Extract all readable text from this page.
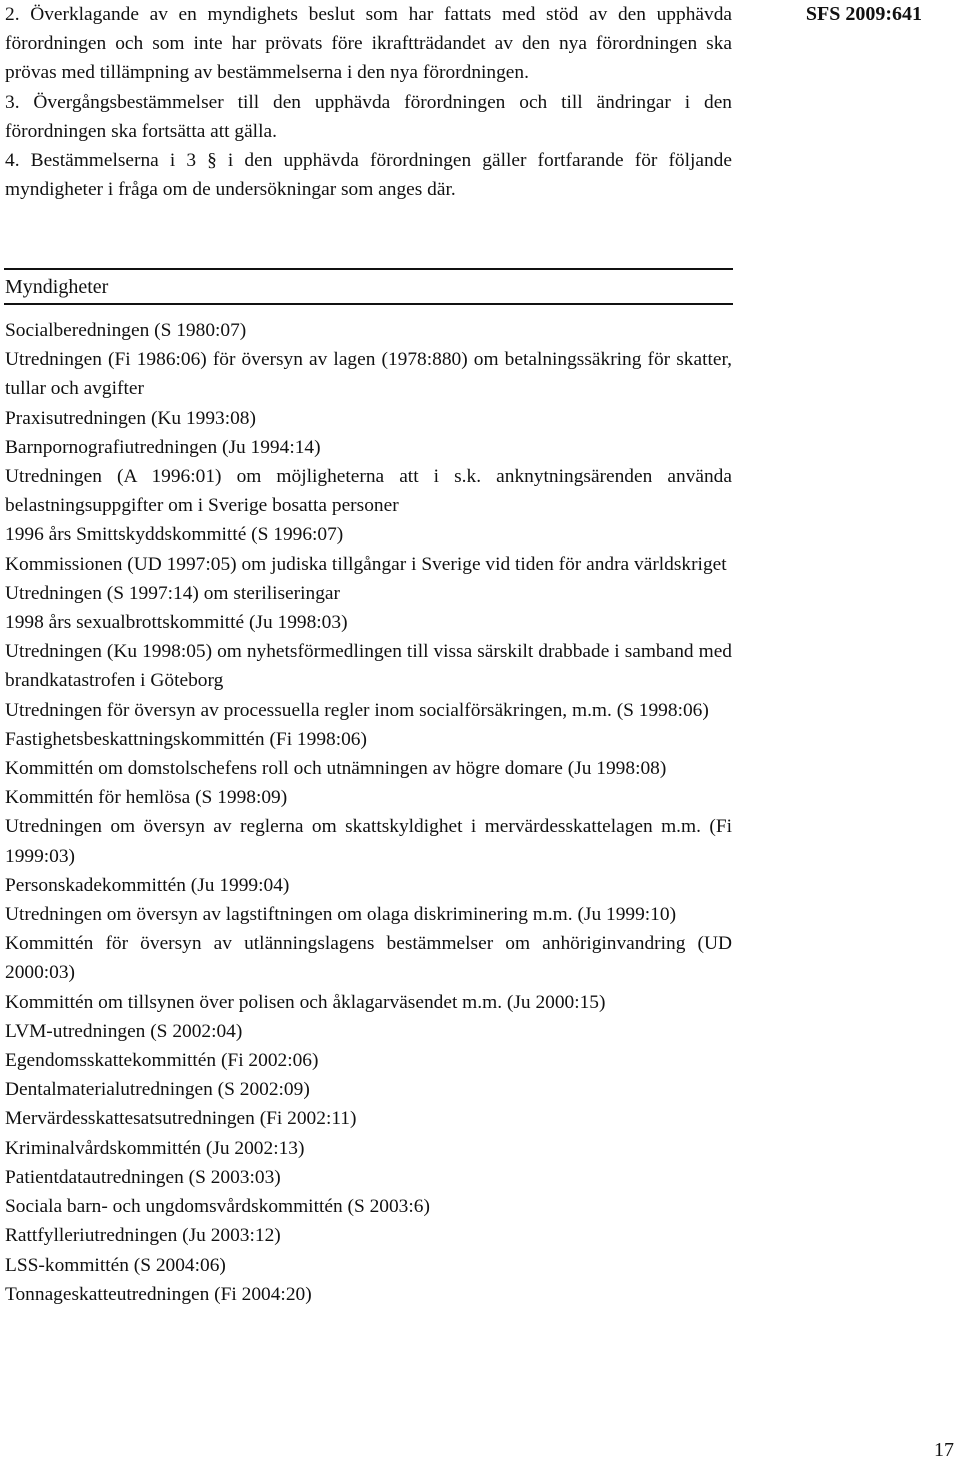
SFS 2009:641

2. Överklagande av en myndighets beslut som har fattats med stöd av den upphävda förordningen och som inte har prövats före ikraftträdandet av den nya förordningen ska prövas med tillämpning av bestämmelserna i den nya förordningen.

3. Övergångsbestämmelser till den upphävda förordningen och till ändringar i den förordningen ska fortsätta att gälla.

4. Bestämmelserna i 3 § i den upphävda förordningen gäller fortfarande för följande myndigheter i fråga om de undersökningar som anges där.

Myndigheter

Socialberedningen (S 1980:07)

Utredningen (Fi 1986:06) för översyn av lagen (1978:880) om betalningssäkring för skatter, tullar och avgifter

Praxisutredningen (Ku 1993:08)

Barnpornografiutredningen (Ju 1994:14)

Utredningen (A 1996:01) om möjligheterna att i s.k. anknytningsärenden använda belastningsuppgifter om i Sverige bosatta personer

1996 års Smittskyddskommitté (S 1996:07)

Kommissionen (UD 1997:05) om judiska tillgångar i Sverige vid tiden för andra världskriget

Utredningen (S 1997:14) om steriliseringar

1998 års sexualbrottskommitté (Ju 1998:03)

Utredningen (Ku 1998:05) om nyhetsförmedlingen till vissa särskilt drabbade i samband med brandkatastrofen i Göteborg

Utredningen för översyn av processuella regler inom socialförsäkringen, m.m. (S 1998:06)

Fastighetsbeskattningskommittén (Fi 1998:06)

Kommittén om domstolschefens roll och utnämningen av högre domare (Ju 1998:08)

Kommittén för hemlösa (S 1998:09)

Utredningen om översyn av reglerna om skattskyldighet i mervärdesskattelagen m.m. (Fi 1999:03)

Personskadekommittén (Ju 1999:04)

Utredningen om översyn av lagstiftningen om olaga diskriminering m.m. (Ju 1999:10)

Kommittén för översyn av utlänningslagens bestämmelser om anhöriginvandring (UD 2000:03)

Kommittén om tillsynen över polisen och åklagarväsendet m.m. (Ju 2000:15)

LVM-utredningen (S 2002:04)

Egendomsskattekommittén (Fi 2002:06)

Dentalmaterialutredningen (S 2002:09)

Mervärdesskattesatsutredningen (Fi 2002:11)

Kriminalvårdskommittén (Ju 2002:13)

Patientdatautredningen (S 2003:03)

Sociala barn- och ungdomsvårdskommittén (S 2003:6)

Rattfylleriutredningen (Ju 2003:12)

LSS-kommittén (S 2004:06)

Tonnageskatteutredningen (Fi 2004:20)

17
